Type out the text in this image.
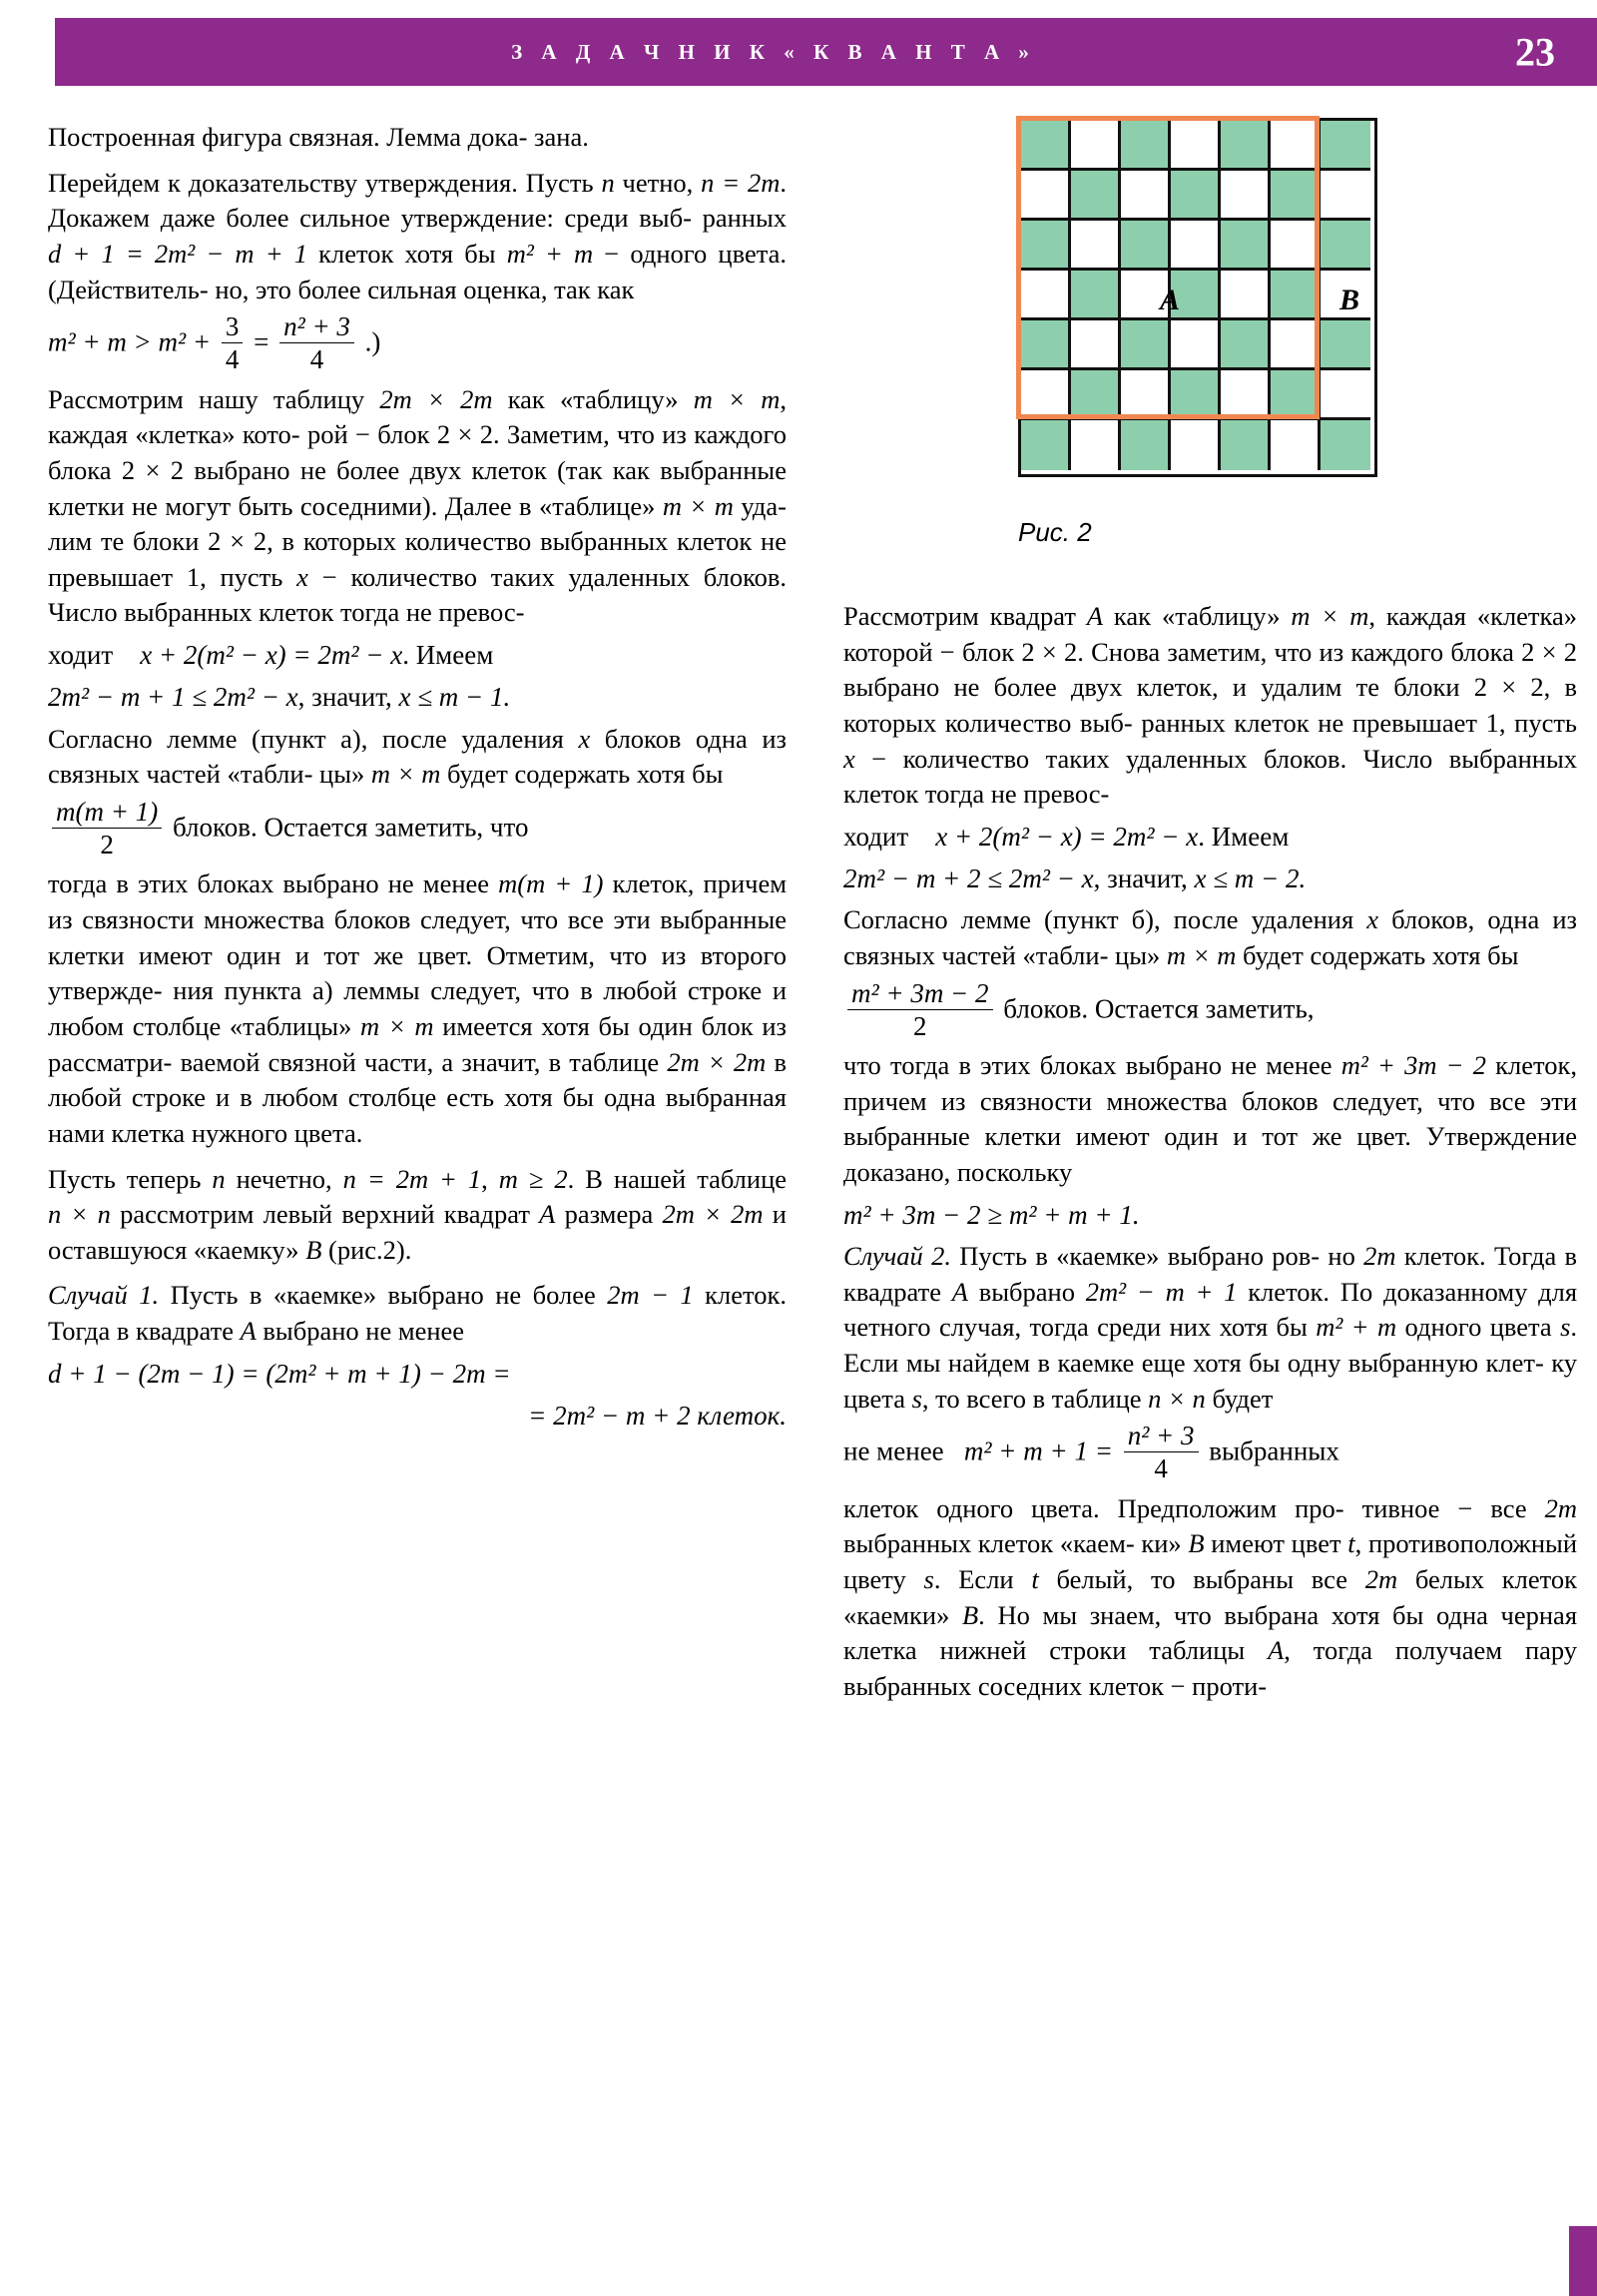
З А Д А Ч Н И К « К В А Н Т А »	23
A	B
Рис. 2

Построенная фигура связная. Лемма дока- зана.

Перейдем к доказательству утверждения. Пусть n четно, n = 2m. Докажем даже более сильное утверждение: среди выб- ранных d + 1 = 2m² − m + 1 клеток хотя бы m² + m − одного цвета. (Действитель- но, это более сильная оценка, так как

$m^2 + m > m^2 + \frac{3}{4} = \frac{\text{n² + 3}}{4}$ .)

Рассмотрим нашу таблицу 2m × 2m как «таблицу» m × m, каждая «клетка» кото- рой − блок 2 × 2. Заметим, что из каждого блока 2 × 2 выбрано не более двух клеток (так как выбранные клетки не могут быть соседними). Далее в «таблице» m × m уда- лим те блоки 2 × 2, в которых количество выбранных клеток не превышает 1, пусть x − количество таких удаленных блоков. Число выбранных клеток тогда не превос-

ходит x + 2(m² − x) = 2m² − x. Имеем
2m² − m + 1 ≤ 2m² − x, значит, x ≤ m − 1.

Согласно лемме (пункт а), после удаления x блоков одна из связных частей «табли- цы» m × m будет содержать хотя бы

$\frac{m(m + 1)}{2}$ блоков. Остается заметить, что

тогда в этих блоках выбрано не менее m(m + 1) клеток, причем из связности множества блоков следует, что все эти выбранные клетки имеют один и тот же цвет. Отметим, что из второго утвержде- ния пункта а) леммы следует, что в любой строке и любом столбце «таблицы» m × m имеется хотя бы один блок из рассматри- ваемой связной части, а значит, в таблице 2m × 2m в любой строке и в любом столбце есть хотя бы одна выбранная нами клетка нужного цвета.

Пусть теперь n нечетно, n = 2m + 1, m ≥ 2. В нашей таблице n × n рассмотрим левый верхний квадрат A размера 2m × 2m и оставшуюся «каемку» B (рис.2).

Случай 1. Пусть в «каемке» выбрано не более 2m − 1 клеток. Тогда в квадрате A выбрано не менее

d + 1 − (2m − 1) = (2m² + m + 1) − 2m =
= 2m² − m + 2 клеток.

Рассмотрим квадрат A как «таблицу» m × m, каждая «клетка» которой − блок 2 × 2. Снова заметим, что из каждого блока 2 × 2 выбрано не более двух клеток, и удалим те блоки 2 × 2, в которых количество выб- ранных клеток не превышает 1, пусть x − количество таких удаленных блоков. Число выбранных клеток тогда не превос-

ходит x + 2(m² − x) = 2m² − x. Имеем
2m² − m + 2 ≤ 2m² − x, значит, x ≤ m − 2.

Согласно лемме (пункт б), после удаления x блоков, одна из связных частей «табли- цы» m × m будет содержать хотя бы

$\frac{\text{m² + 3m − 2}}{2}$ блоков. Остается заметить,

что тогда в этих блоках выбрано не менее m² + 3m − 2 клеток, причем из связности множества блоков следует, что все эти выбранные клетки имеют один и тот же цвет. Утверждение доказано, поскольку

m² + 3m − 2 ≥ m² + m + 1.

Случай 2. Пусть в «каемке» выбрано ров- но 2m клеток. Тогда в квадрате A выбрано 2m² − m + 1 клеток. По доказанному для четного случая, тогда среди них хотя бы m² + m одного цвета s. Если мы найдем в каемке еще хотя бы одну выбранную клет- ку цвета s, то всего в таблице n × n будет

не менее $m^2 + m + 1 = \frac{\text{n² + 3}}{4}$ выбранных

клеток одного цвета. Предположим про- тивное − все 2m выбранных клеток «каем- ки» B имеют цвет t, противоположный цвету s. Если t белый, то выбраны все 2m белых клеток «каемки» B. Но мы знаем, что выбрана хотя бы одна черная клетка нижней строки таблицы A, тогда получаем пару выбранных соседних клеток − проти-
